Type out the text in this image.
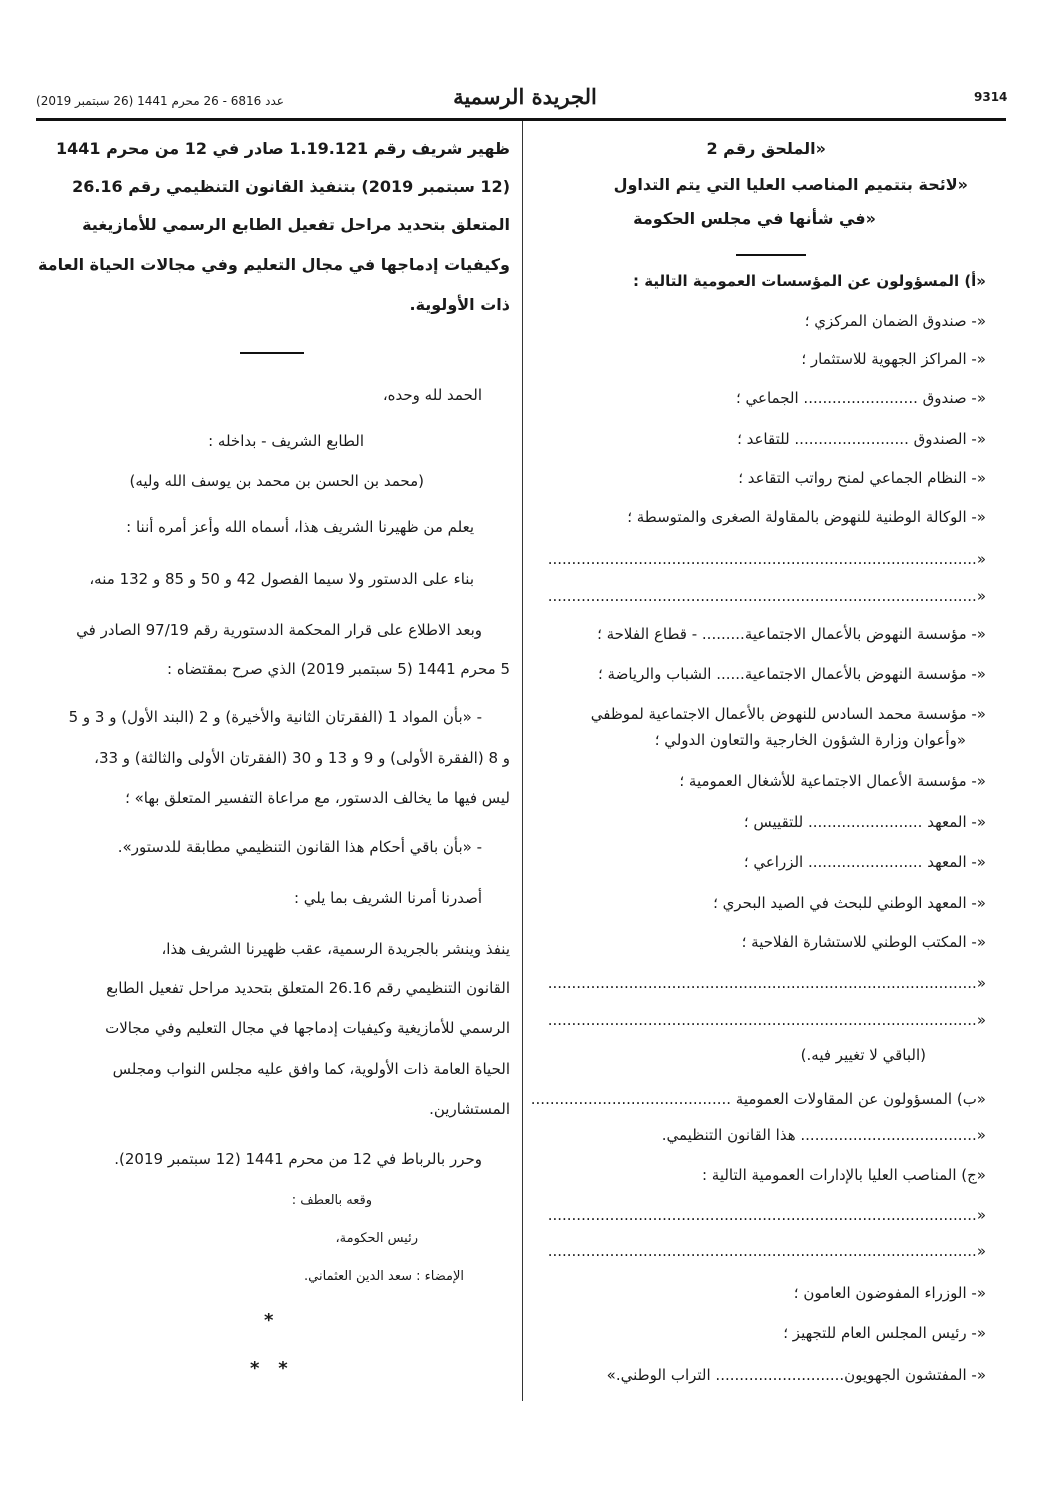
9314
الجريدة الرسمية
عدد 6816 - 26 محرم 1441 (26 سبتمبر 2019)
«الملحق رقم 2
«لائحة بتتميم المناصب العليا التي يتم التداول
«في شأنها في مجلس الحكومة
«أ) المسؤولون عن المؤسسات العمومية التالية :
«- صندوق الضمان المركزي ؛
«- المراكز الجهوية للاستثمار ؛
«- صندوق ........................ الجماعي ؛
«- الصندوق ........................ للتقاعد ؛
«- النظام الجماعي لمنح رواتب التقاعد ؛
«- الوكالة الوطنية للنهوض بالمقاولة الصغرى والمتوسطة ؛
«..........................................................................................
«..........................................................................................
«- مؤسسة النهوض بالأعمال الاجتماعية......... - قطاع الفلاحة ؛
«- مؤسسة النهوض بالأعمال الاجتماعية...... الشباب والرياضة ؛
«- مؤسسة محمد السادس للنهوض بالأعمال الاجتماعية لموظفي
«وأعوان وزارة الشؤون الخارجية والتعاون الدولي ؛
«- مؤسسة الأعمال الاجتماعية للأشغال العمومية ؛
«- المعهد ........................ للتقييس ؛
«- المعهد ........................ الزراعي ؛
«- المعهد الوطني للبحث في الصيد البحري ؛
«- المكتب الوطني للاستشارة الفلاحية ؛
«..........................................................................................
«..........................................................................................
(الباقي لا تغيير فيه.)
«ب) المسؤولون عن المقاولات العمومية ..........................................
«..................................... هذا القانون التنظيمي.
«ج) المناصب العليا بالإدارات العمومية التالية :
«..........................................................................................
«..........................................................................................
«- الوزراء المفوضون العامون ؛
«- رئيس المجلس العام للتجهيز ؛
«- المفتشون الجهويون........................... التراب الوطني.»
ظهير شريف رقم 1.19.121 صادر في 12 من محرم 1441
(12 سبتمبر 2019) بتنفيذ القانون التنظيمي رقم 26.16
المتعلق بتحديد مراحل تفعيل الطابع الرسمي للأمازيغية
وكيفيات إدماجها في مجال التعليم وفي مجالات الحياة العامة
ذات الأولوية.
الحمد لله وحده،
الطابع الشريف - بداخله :
(محمد بن الحسن بن محمد بن يوسف الله وليه)
يعلم من ظهيرنا الشريف هذا، أسماه الله وأعز أمره أننا :
بناء على الدستور ولا سيما الفصول 42 و 50 و 85 و 132 منه،
وبعد الاطلاع على قرار المحكمة الدستورية رقم 97/19 الصادر في
5 محرم 1441 (5 سبتمبر 2019) الذي صرح بمقتضاه :
- «بأن المواد 1 (الفقرتان الثانية والأخيرة) و 2 (البند الأول) و 3 و 5
و 8 (الفقرة الأولى) و 9 و 13 و 30 (الفقرتان الأولى والثالثة) و 33،
ليس فيها ما يخالف الدستور، مع مراعاة التفسير المتعلق بها» ؛
- «بأن باقي أحكام هذا القانون التنظيمي مطابقة للدستور».
أصدرنا أمرنا الشريف بما يلي :
ينفذ وينشر بالجريدة الرسمية، عقب ظهيرنا الشريف هذا،
القانون التنظيمي رقم 26.16 المتعلق بتحديد مراحل تفعيل الطابع
الرسمي للأمازيغية وكيفيات إدماجها في مجال التعليم وفي مجالات
الحياة العامة ذات الأولوية، كما وافق عليه مجلس النواب ومجلس
المستشارين.
وحرر بالرباط في 12 من محرم 1441 (12 سبتمبر 2019).
وقعه بالعطف :
رئيس الحكومة،
الإمضاء : سعد الدين العثماني.
*
*   *
